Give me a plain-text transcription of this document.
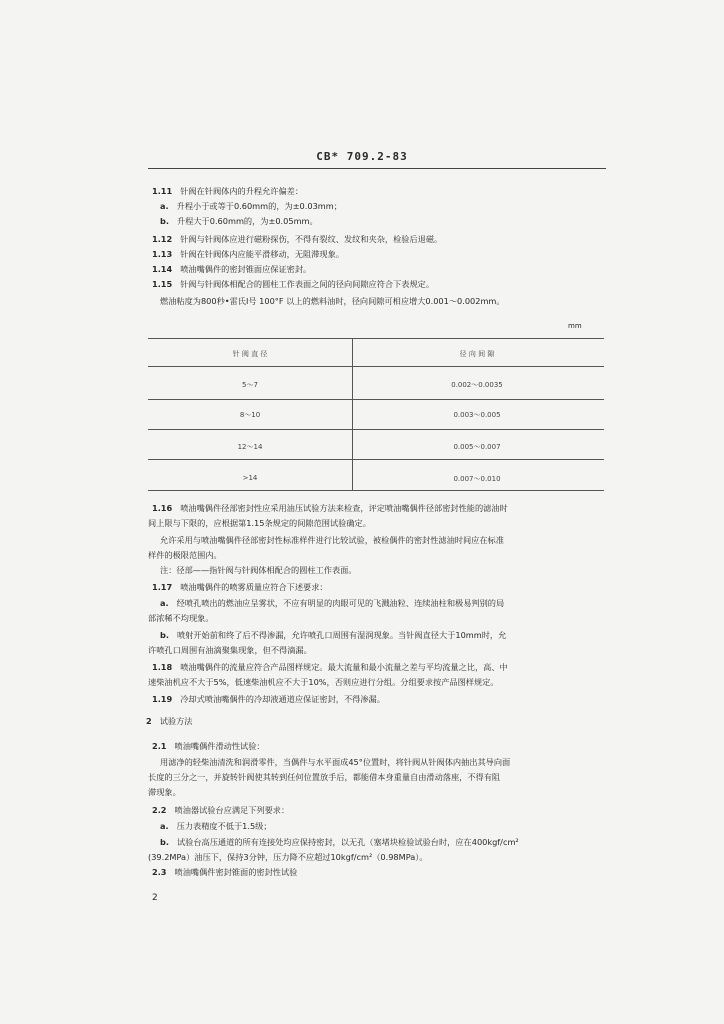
CB* 709.2-83
1.11 针阀在针阀体内的升程允许偏差：
a. 升程小于或等于0.60mm的，为±0.03mm；
b. 升程大于0.60mm的，为±0.05mm。
1.12 针阀与针阀体应进行磁粉探伤，不得有裂纹、发纹和夹杂，检验后退磁。
1.13 针阀在针阀体内应能平滑移动，无阻滞现象。
1.14 喷油嘴偶件的密封锥面应保证密封。
1.15 针阀与针阀体相配合的圆柱工作表面之间的径向间隙应符合下表规定。
燃油粘度为800秒•雷氏Ⅰ号 100°F 以上的燃料油时，径向间隙可相应增大0.001～0.002mm。
mm
针 阀 直 径	径 向 间 隙
5～7	0.002～0.0035
8～10	0.003～0.005
12～14	0.005～0.007
>14	0.007～0.010
1.16 喷油嘴偶件径部密封性应采用油压试验方法来检查，评定喷油嘴偶件径部密封性能的滤油时
间上限与下限的，应根据第1.15条规定的间隙范围试验确定。
允许采用与喷油嘴偶件径部密封性标准样件进行比较试验，被检偶件的密封性滤油时间应在标准
样件的极限范围内。
注：径部——指针阀与针阀体相配合的圆柱工作表面。
1.17 喷油嘴偶件的喷雾质量应符合下述要求：
a. 经喷孔喷出的燃油应呈雾状，不应有明显的肉眼可见的飞溅油粒、连续油柱和极易判别的局
部浓稀不均现象。
b. 喷射开始前和终了后不得渗漏，允许喷孔口周围有湿润现象。当针阀直径大于10mm时，允
许喷孔口周围有油滴聚集现象，但不得滴漏。
1.18 喷油嘴偶件的流量应符合产品图样规定。最大流量和最小流量之差与平均流量之比，高、中
速柴油机应不大于5%，低速柴油机应不大于10%，否则应进行分组。分组要求按产品图样规定。
1.19 冷却式喷油嘴偶件的冷却液通道应保证密封，不得渗漏。
2 试验方法
2.1 喷油嘴偶件滑动性试验：
用滤净的轻柴油清洗和润滑零件，当偶件与水平面成45°位置时，将针阀从针阀体内抽出其导向面
长度的三分之一，并旋转针阀使其转到任何位置放手后，都能借本身重量自由滑动落座，不得有阻
滞现象。
2.2 喷油器试验台应满足下列要求：
a. 压力表精度不低于1.5级；
b. 试验台高压通道的所有连接处均应保持密封，以无孔（塞堵块检验试验台时，应在400kgf/cm²
(39.2MPa）油压下，保持3分钟，压力降不应超过10kgf/cm²（0.98MPa）。
2.3 喷油嘴偶件密封锥面的密封性试验
2
